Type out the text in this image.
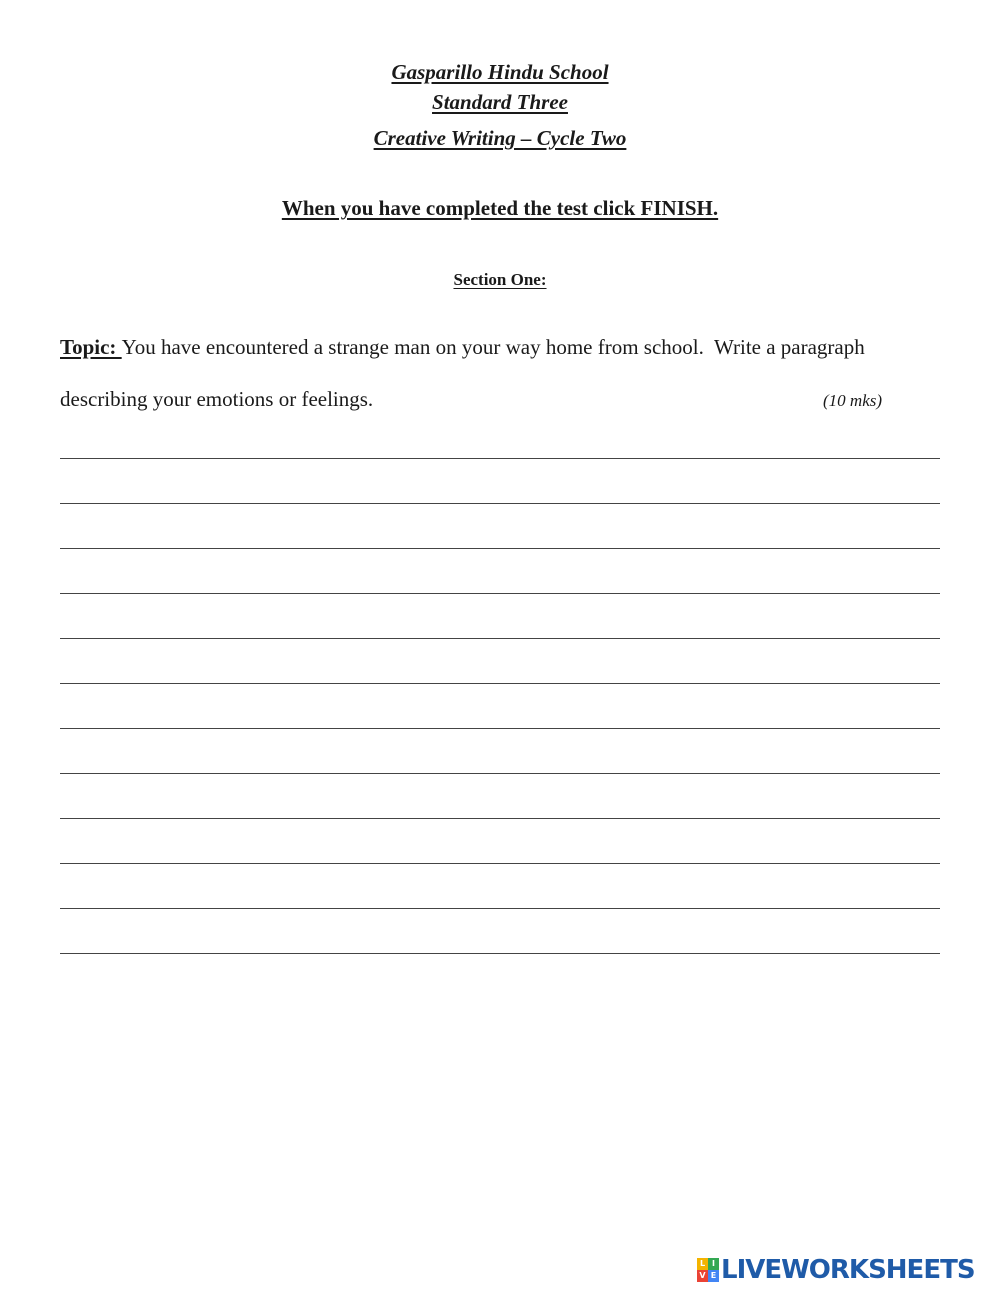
Gasparillo Hindu School
Standard Three
Creative Writing – Cycle Two
When you have completed the test click FINISH.
Section One:
Topic: You have encountered a strange man on your way home from school.  Write a paragraph
describing your emotions or feelings.	(10 mks)
L I
V E LIVEWORKSHEETS
